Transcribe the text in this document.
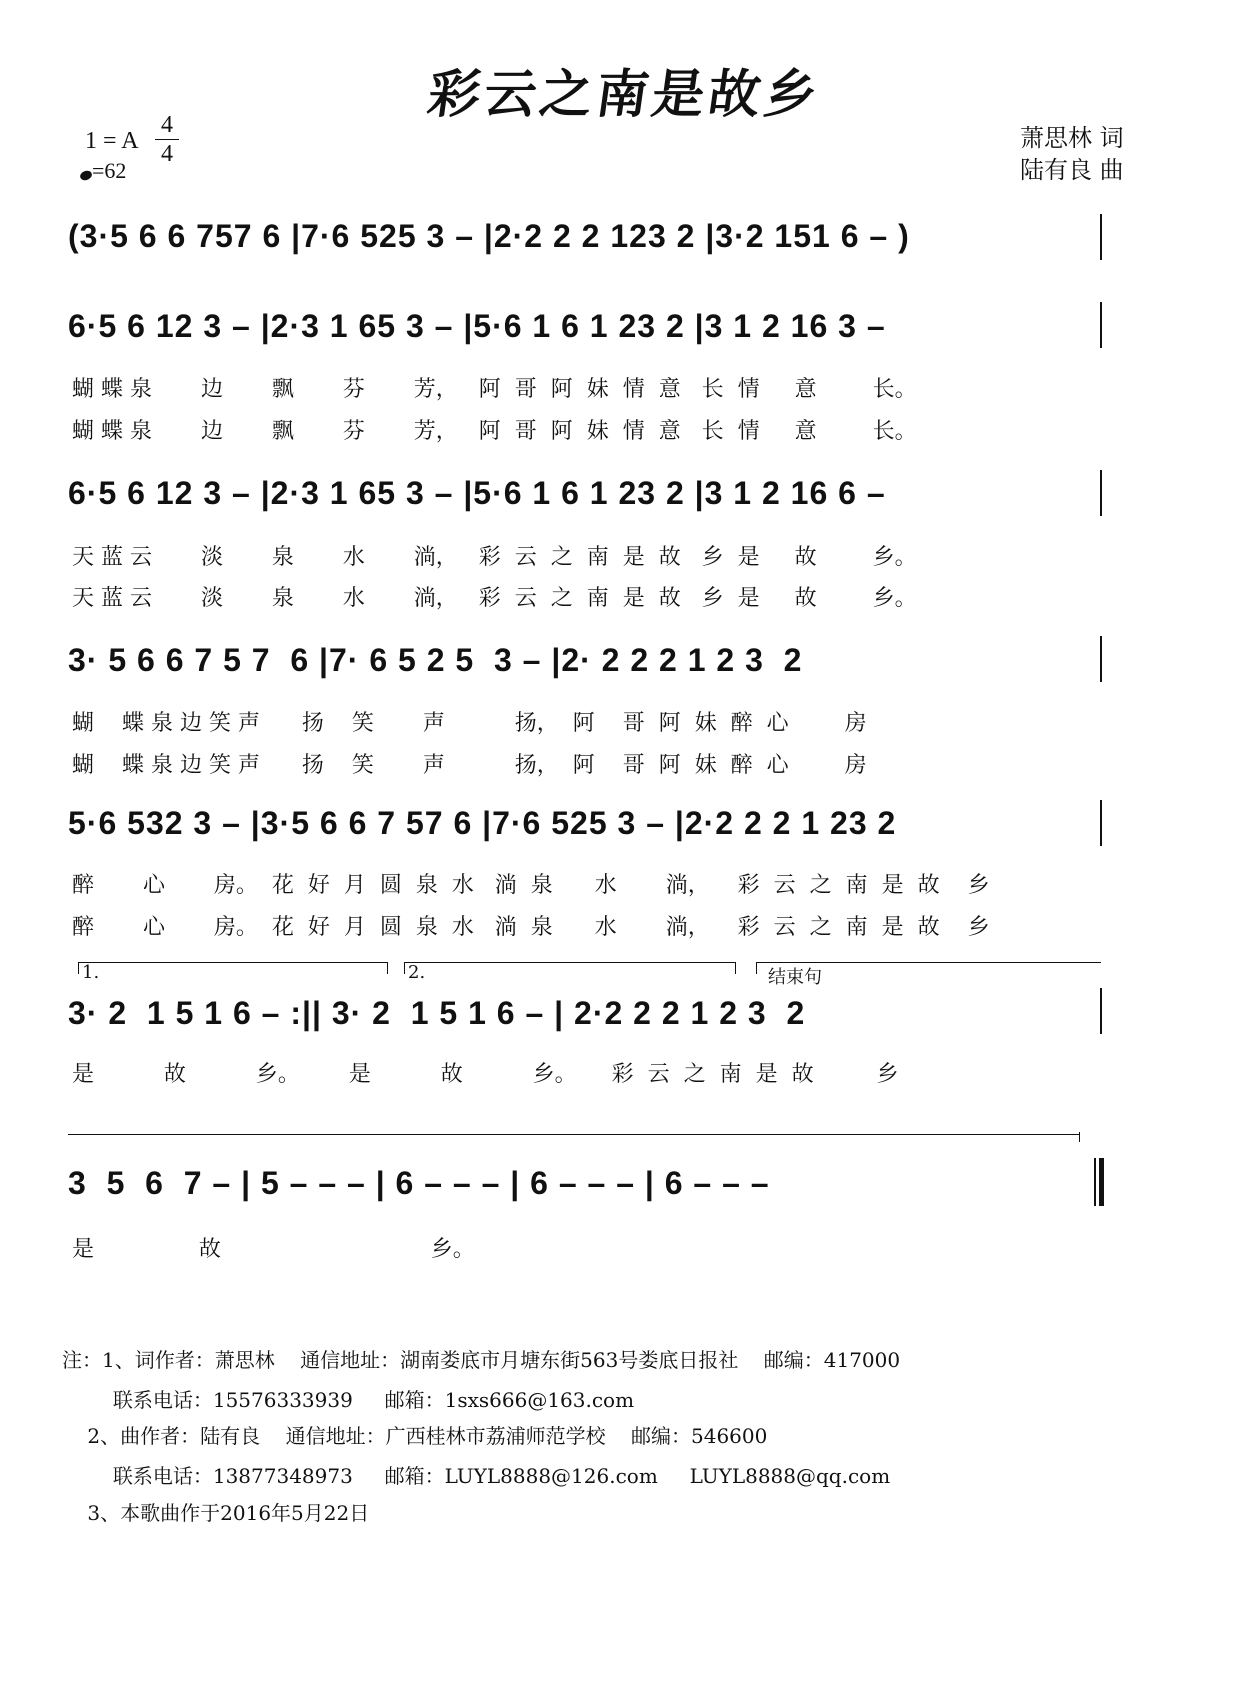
彩云之南是故乡
1 = A
4
4
=62
萧思林 词
陆有良 曲
(3·5 6 6 757 6 |7·6 525 3 – |2·2 2 2 123 2 |3·2 151 6 – )
6·5 6 12 3 – |2·3 1 65 3 – |5·6 1 6 1 23 2 |3 1 2 16 3 –
蝴 蝶 泉       边       飘       芬       芳，   阿  哥  阿  妹  情  意   长  情     意        长。
蝴 蝶 泉       边       飘       芬       芳，   阿  哥  阿  妹  情  意   长  情     意        长。
6·5 6 12 3 – |2·3 1 65 3 – |5·6 1 6 1 23 2 |3 1 2 16 6 –
天 蓝 云       淡       泉       水       淌，   彩  云  之  南  是  故   乡  是     故        乡。
天 蓝 云       淡       泉       水       淌，   彩  云  之  南  是  故   乡  是     故        乡。
3· 5 6 6 7 5 7  6 |7· 6 5 2 5  3 – |2· 2 2 2 1 2 3  2
蝴    蝶 泉 边 笑 声      扬    笑       声          扬，  阿    哥  阿  妹  醉  心        房
蝴    蝶 泉 边 笑 声      扬    笑       声          扬，  阿    哥  阿  妹  醉  心        房
5·6 532 3 – |3·5 6 6 7 57 6 |7·6 525 3 – |2·2 2 2 1 23 2
醉       心       房。  花  好  月  圆  泉  水   淌  泉      水       淌，    彩  云  之  南  是  故    乡
醉       心       房。  花  好  月  圆  泉  水   淌  泉      水       淌，    彩  云  之  南  是  故    乡
1.	2.	结束句
3· 2  1 5 1 6 – :|| 3· 2  1 5 1 6 – | 2·2 2 2 1 2 3  2
是          故          乡。       是          故          乡。     彩  云  之  南  是  故         乡
3  5  6  7 – | 5 – – – | 6 – – – | 6 – – – | 6 – – –
是               故                              乡。
注：1、词作者：萧思林    通信地址：湖南娄底市月塘东街563号娄底日报社    邮编：417000
联系电话：15576333939     邮箱：1sxs666@163.com
2、曲作者：陆有良    通信地址：广西桂林市荔浦师范学校    邮编：546600
联系电话：13877348973     邮箱：LUYL8888@126.com     LUYL8888@qq.com
3、本歌曲作于2016年5月22日
